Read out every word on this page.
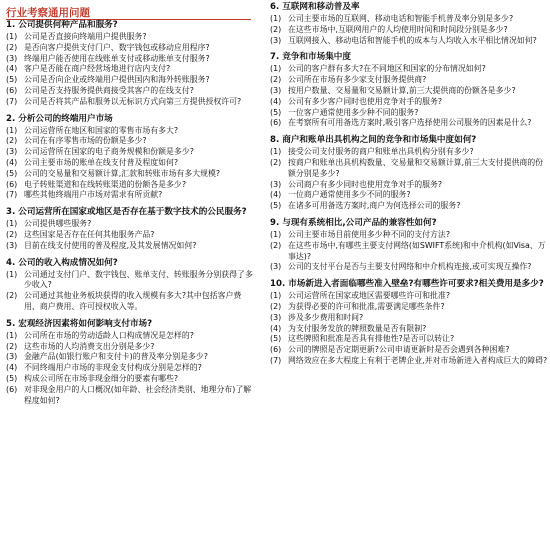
行业考察通用问题
1. 公司提供何种产品和服务?
(1) 公司是否直接向终端用户提供服务?
(2) 是否向客户提供支付门户、数字钱包或移动应用程序?
(3) 终端用户能否使用在线账单支付或移动账单支付服务?
(4) 客户是否能在商户经营场地进行店内支付?
(5) 公司是否向企业或终端用户提供国内和海外转账服务?
(6) 公司是否支持服务提供商接受其客户的在线支付?
(7) 公司是否将其产品和服务以无标识方式向第三方提供授权许可?
2. 分析公司的终端用户市场
(1) 公司运营所在地区和国家的零售市场有多大?
(2) 公司在有序零售市场的份额是多少?
(3) 公司运营所在国家的电子商务规模和份额是多少?
(4) 公司主要市场的账单在线支付普及程度如何?
(5) 公司的交易量和交易额计算,汇款和转账市场有多大规模?
(6) 电子转账渠道和在线转账渠道的份额各是多少?
(7) 哪些其他终端用户市场对需求有所贡献?
3. 公司运营所在国家或地区是否存在基于数字技术的公民服务?
(1) 公司提供哪些服务?
(2) 这些国家是否存在任何其他服务产品?
(3) 目前在线支付使用的普及程度,及其发展情况如何?
4. 公司的收入构成情况如何?
(1) 公司通过支付门户、数字钱包、账单支付、转账服务分别获得了多少收入?
(2) 公司通过其他业务板块获得的收入规模有多大?其中包括客户费用、商户费用、许可授权收入等。
5. 宏观经济因素将如何影响支付市场?
(1) 公司所在市场的劳动适龄人口构成情况是怎样的?
(2) 这些市场的人均消费支出分别是多少?
(3) 金融产品(如银行账户和支付卡)的普及率分别是多少?
(4) 不同终端用户市场的非现金支付构成分别是怎样的?
(5) 构成公司所在市场非现金细分的要素有哪些?
(6) 对非现金用户的人口概况(如年龄、社会经济类别、地理分布)了解程度如何?
6. 互联网和移动普及率
(1) 公司主要市场的互联网、移动电话和智能手机普及率分别是多少?
(2) 在这些市场中,互联网用户的人均使用时间和时间段分别是多少?
(3) 互联网接入、移动电话和智能手机的成本与人均收入水平相比情况如何?
7. 竞争和市场集中度
(1) 公司的客户群有多大?在不同地区和国家的分布情况如何?
(2) 公司所在市场有多少家支付服务提供商?
(3) 按用户数量、交易量和交易额计算,前三大提供商的份额各是多少?
(4) 公司有多少客户同时也使用竞争对手的服务?
(5) 一位客户通常使用多少种不同的服务?
(6) 在考察所有可用备选方案时,吸引客户选择使用公司服务的因素是什么?
8. 商户和账单出具机构之间的竞争和市场集中度如何?
(1) 接受公司支付服务的商户和账单出具机构分别有多少?
(2) 按商户和账单出具机构数量、交易量和交易额计算,前三大支付提供商的份额分别是多少?
(3) 公司商户有多少同时也使用竞争对手的服务?
(4) 一位商户通常使用多少不同的服务?
(5) 在诸多可用备选方案时,商户为何选择公司的服务?
9. 与现有系统相比,公司产品的兼容性如何?
(1) 公司主要市场目前使用多少种不同的支付方法?
(2) 在这些市场中,有哪些主要支付网络(如SWIFT系统)和中介机构(如Visa、万事达)?
(3) 公司的支付平台是否与主要支付网络和中介机构连接,或可实现互操作?
10. 市场新进入者面临哪些准入壁垒?有哪些许可要求?相关费用是多少?
(1) 公司运营所在国家或地区需要哪些许可和批准?
(2) 为获得必要的许可和批准,需要满足哪些条件?
(3) 涉及多少费用和时间?
(4) 为支付服务发放的牌照数量是否有限制?
(5) 这些牌照和批准是否具有排他性?是否可以转让?
(6) 公司的牌照是否定期更新?公司申请更新时是否会遇到各种困难?
(7) 网络效应在多大程度上有利于老牌企业,并对市场新进入者构成巨大的障碍?
